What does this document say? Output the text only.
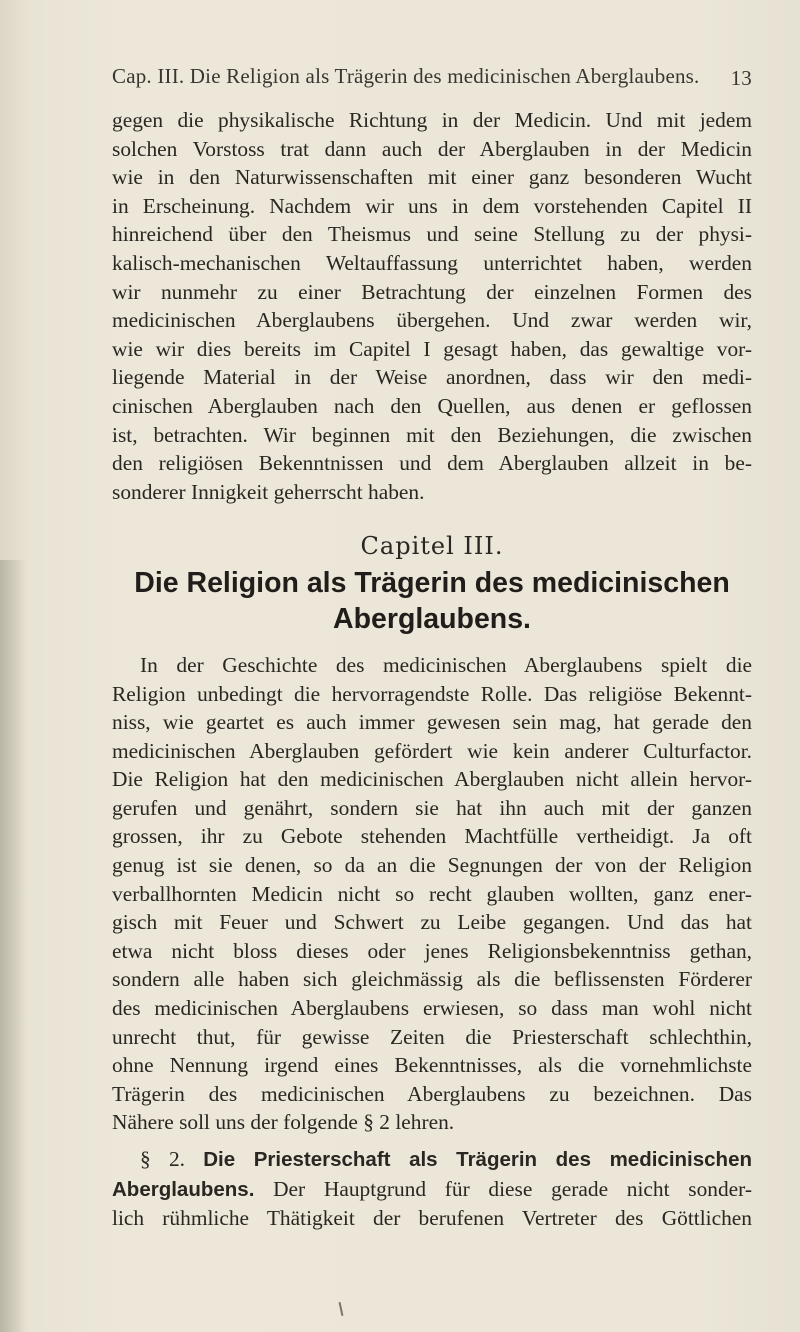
Cap. III. Die Religion als Trägerin des medicinischen Aberglaubens. 13

gegen die physikalische Richtung in der Medicin. Und mit jedem
solchen Vorstoss trat dann auch der Aberglauben in der Medicin
wie in den Naturwissenschaften mit einer ganz besonderen Wucht
in Erscheinung. Nachdem wir uns in dem vorstehenden Capitel II
hinreichend über den Theismus und seine Stellung zu der physi-
kalisch-mechanischen Weltauffassung unterrichtet haben, werden
wir nunmehr zu einer Betrachtung der einzelnen Formen des
medicinischen Aberglaubens übergehen. Und zwar werden wir,
wie wir dies bereits im Capitel I gesagt haben, das gewaltige vor-
liegende Material in der Weise anordnen, dass wir den medi-
cinischen Aberglauben nach den Quellen, aus denen er geflossen
ist, betrachten. Wir beginnen mit den Beziehungen, die zwischen
den religiösen Bekenntnissen und dem Aberglauben allzeit in be-
sonderer Innigkeit geherrscht haben.

Capitel III.
Die Religion als Trägerin des medicinischen
Aberglaubens.

In der Geschichte des medicinischen Aberglaubens spielt die
Religion unbedingt die hervorragendste Rolle. Das religiöse Bekennt-
niss, wie geartet es auch immer gewesen sein mag, hat gerade den
medicinischen Aberglauben gefördert wie kein anderer Culturfactor.
Die Religion hat den medicinischen Aberglauben nicht allein hervor-
gerufen und genährt, sondern sie hat ihn auch mit der ganzen
grossen, ihr zu Gebote stehenden Machtfülle vertheidigt. Ja oft
genug ist sie denen, so da an die Segnungen der von der Religion
verballhornten Medicin nicht so recht glauben wollten, ganz ener-
gisch mit Feuer und Schwert zu Leibe gegangen. Und das hat
etwa nicht bloss dieses oder jenes Religionsbekenntniss gethan,
sondern alle haben sich gleichmässig als die beflissensten Förderer
des medicinischen Aberglaubens erwiesen, so dass man wohl nicht
unrecht thut, für gewisse Zeiten die Priesterschaft schlechthin,
ohne Nennung irgend eines Bekenntnisses, als die vornehmlichste
Trägerin des medicinischen Aberglaubens zu bezeichnen. Das
Nähere soll uns der folgende § 2 lehren.

§ 2. Die Priesterschaft als Trägerin des medicinischen
Aberglaubens. Der Hauptgrund für diese gerade nicht sonder-
lich rühmliche Thätigkeit der berufenen Vertreter des Göttlichen
